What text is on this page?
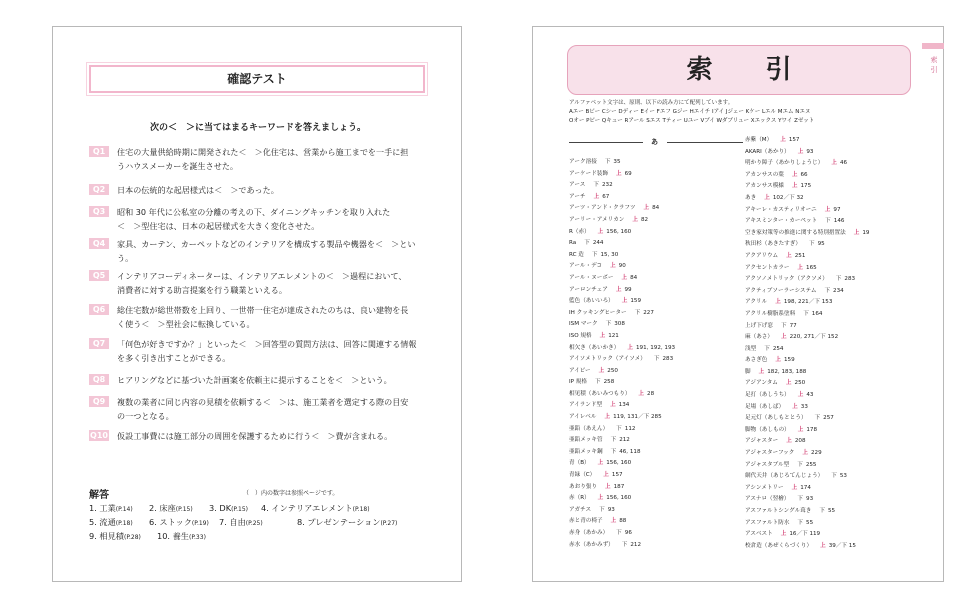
確認テスト
次の＜　＞に当てはまるキーワードを答えましょう。
Q1	住宅の大量供給時期に開発された＜　＞化住宅は、営業から施工までを一手に担
うハウスメーカーを誕生させた。
Q2	日本の伝統的な起居様式は＜　＞であった。
Q3	昭和 30 年代に公私室の分離の考えの下、ダイニングキッチンを取り入れた
＜　＞型住宅は、日本の起居様式を大きく変化させた。
Q4	家具、カーテン、カーペットなどのインテリアを構成する製品や機器を＜　＞とい
う。
Q5	インテリアコーディネーターは、インテリアエレメントの＜　＞過程において、
消費者に対する助言提案を行う職業といえる。
Q6	総住宅数が総世帯数を上回り、一世帯一住宅が達成されたのちは、良い建物を長
く使う＜　＞型社会に転換している。
Q7	「何色が好きですか？」といった＜　＞回答型の質問方法は、回答に関連する情報
を多く引き出すことができる。
Q8	ヒアリングなどに基づいた計画案を依頼主に提示することを＜　＞という。
Q9	複数の業者に同じ内容の見積を依頼する＜　＞は、施工業者を選定する際の目安
の一つとなる。
Q10 仮設工事費には施工部分の周囲を保護するために行う＜　＞費が含まれる。
解答	（　）内の数字は参照ページです。
1. 工業(P.14) 2. 床座(P.15) 3. DK(P.15) 4. インテリアエレメント(P.18)
5. 流通(P.18) 6. ストック(P.19) 7. 自由(P.25)	8. プレゼンテーション(P.27)
9. 相見積(P.28) 10. 養生(P.33)
索引
索 引
アルファベット文字は、原則、以下の読み方にて配列しています。
Aエー Bビー Cシー Dディー Eイー Fエフ Gジー Hエイチ Iアイ Jジェー Kケー Lエル Mエム Nエヌ
Oオー Pピー Qキュー Rアール Sエス Tティー Uユー Vブイ Wダブリュー Xエックス Yワイ Zゼット
あ
アーク溶接 下 35
アーケード装飾 上 69
アース 下 232
アーチ 上 67
アーツ・アンド・クラフツ 上 84
アーリー・アメリカン 上 82
R（赤） 上 156, 160
Ra 下 244
RC 造 下 15, 30
アール・デコ 上 90
アール・ヌーボー 上 84
アーロンチェア 上 99
藍色（あいいろ） 上 159
IH クッキングヒーター 下 227
ISM マーク 下 308
ISO 規格 上 121
相欠き（あいかき） 上 191, 192, 193
アイソメトリック（アイソメ） 下 283
アイビー 上 250
IP 規格 下 258
相见積（あいみつもり） 上 28
アイランド型 上 134
アイレベル 上 119, 131／下 285
亜鉛（あえん） 下 112
亜鉛メッキ管 下 212
亜鉛メッキ鋼 下 46, 118
青（B） 上 156, 160
青緑（C） 上 157
あおり張り 上 187
赤（R） 上 156, 160
アガチス 下 93
赤と青の椅子 上 88
赤身（あかみ） 下 96
赤水（あかみず） 下 212
赤紫（M） 上 157
AKARI（あかり） 上 93
明かり障子（あかりしょうじ） 上 46
アカンサスの葉 上 66
アカンサス模様 上 175
あき 上 102／下 32
アキーレ・カスティリオーニ 上 97
アキスミンター・カーペット 下 146
空き家対策等の推進に関する特別措置法 上 19
秋田杉（あきたすぎ） 下 95
アクアリウム 上 251
アクセントカラー 上 165
アクソノメトリック（アクソメ） 下 283
アクティブソーラーシステム 下 234
アクリル 上 198, 221／下 153
アクリル樹脂系塗料 下 164
上げ下げ窓 下 77
麻（あさ） 上 220, 271／下 152
浅型 下 254
あさぎ色 上 159
脚 上 182, 183, 188
アジアンタム 上 250
足打（あしうち） 上 43
足場（あしば） 上 33
足元灯（あしもととう） 下 257
脚物（あしもの） 上 178
アジャスター 上 208
アジャスターフック 上 229
アジャスタブル型 下 255
網代天井（あじろてんじょう） 下 53
アシンメトリー 上 174
アスナロ（翌檜） 下 93
アスファルトシングル葺き 下 55
アスファルト防水 下 55
アスベスト 上 16／下 119
校倉造（あぜくらづくり） 上 39／下 15
